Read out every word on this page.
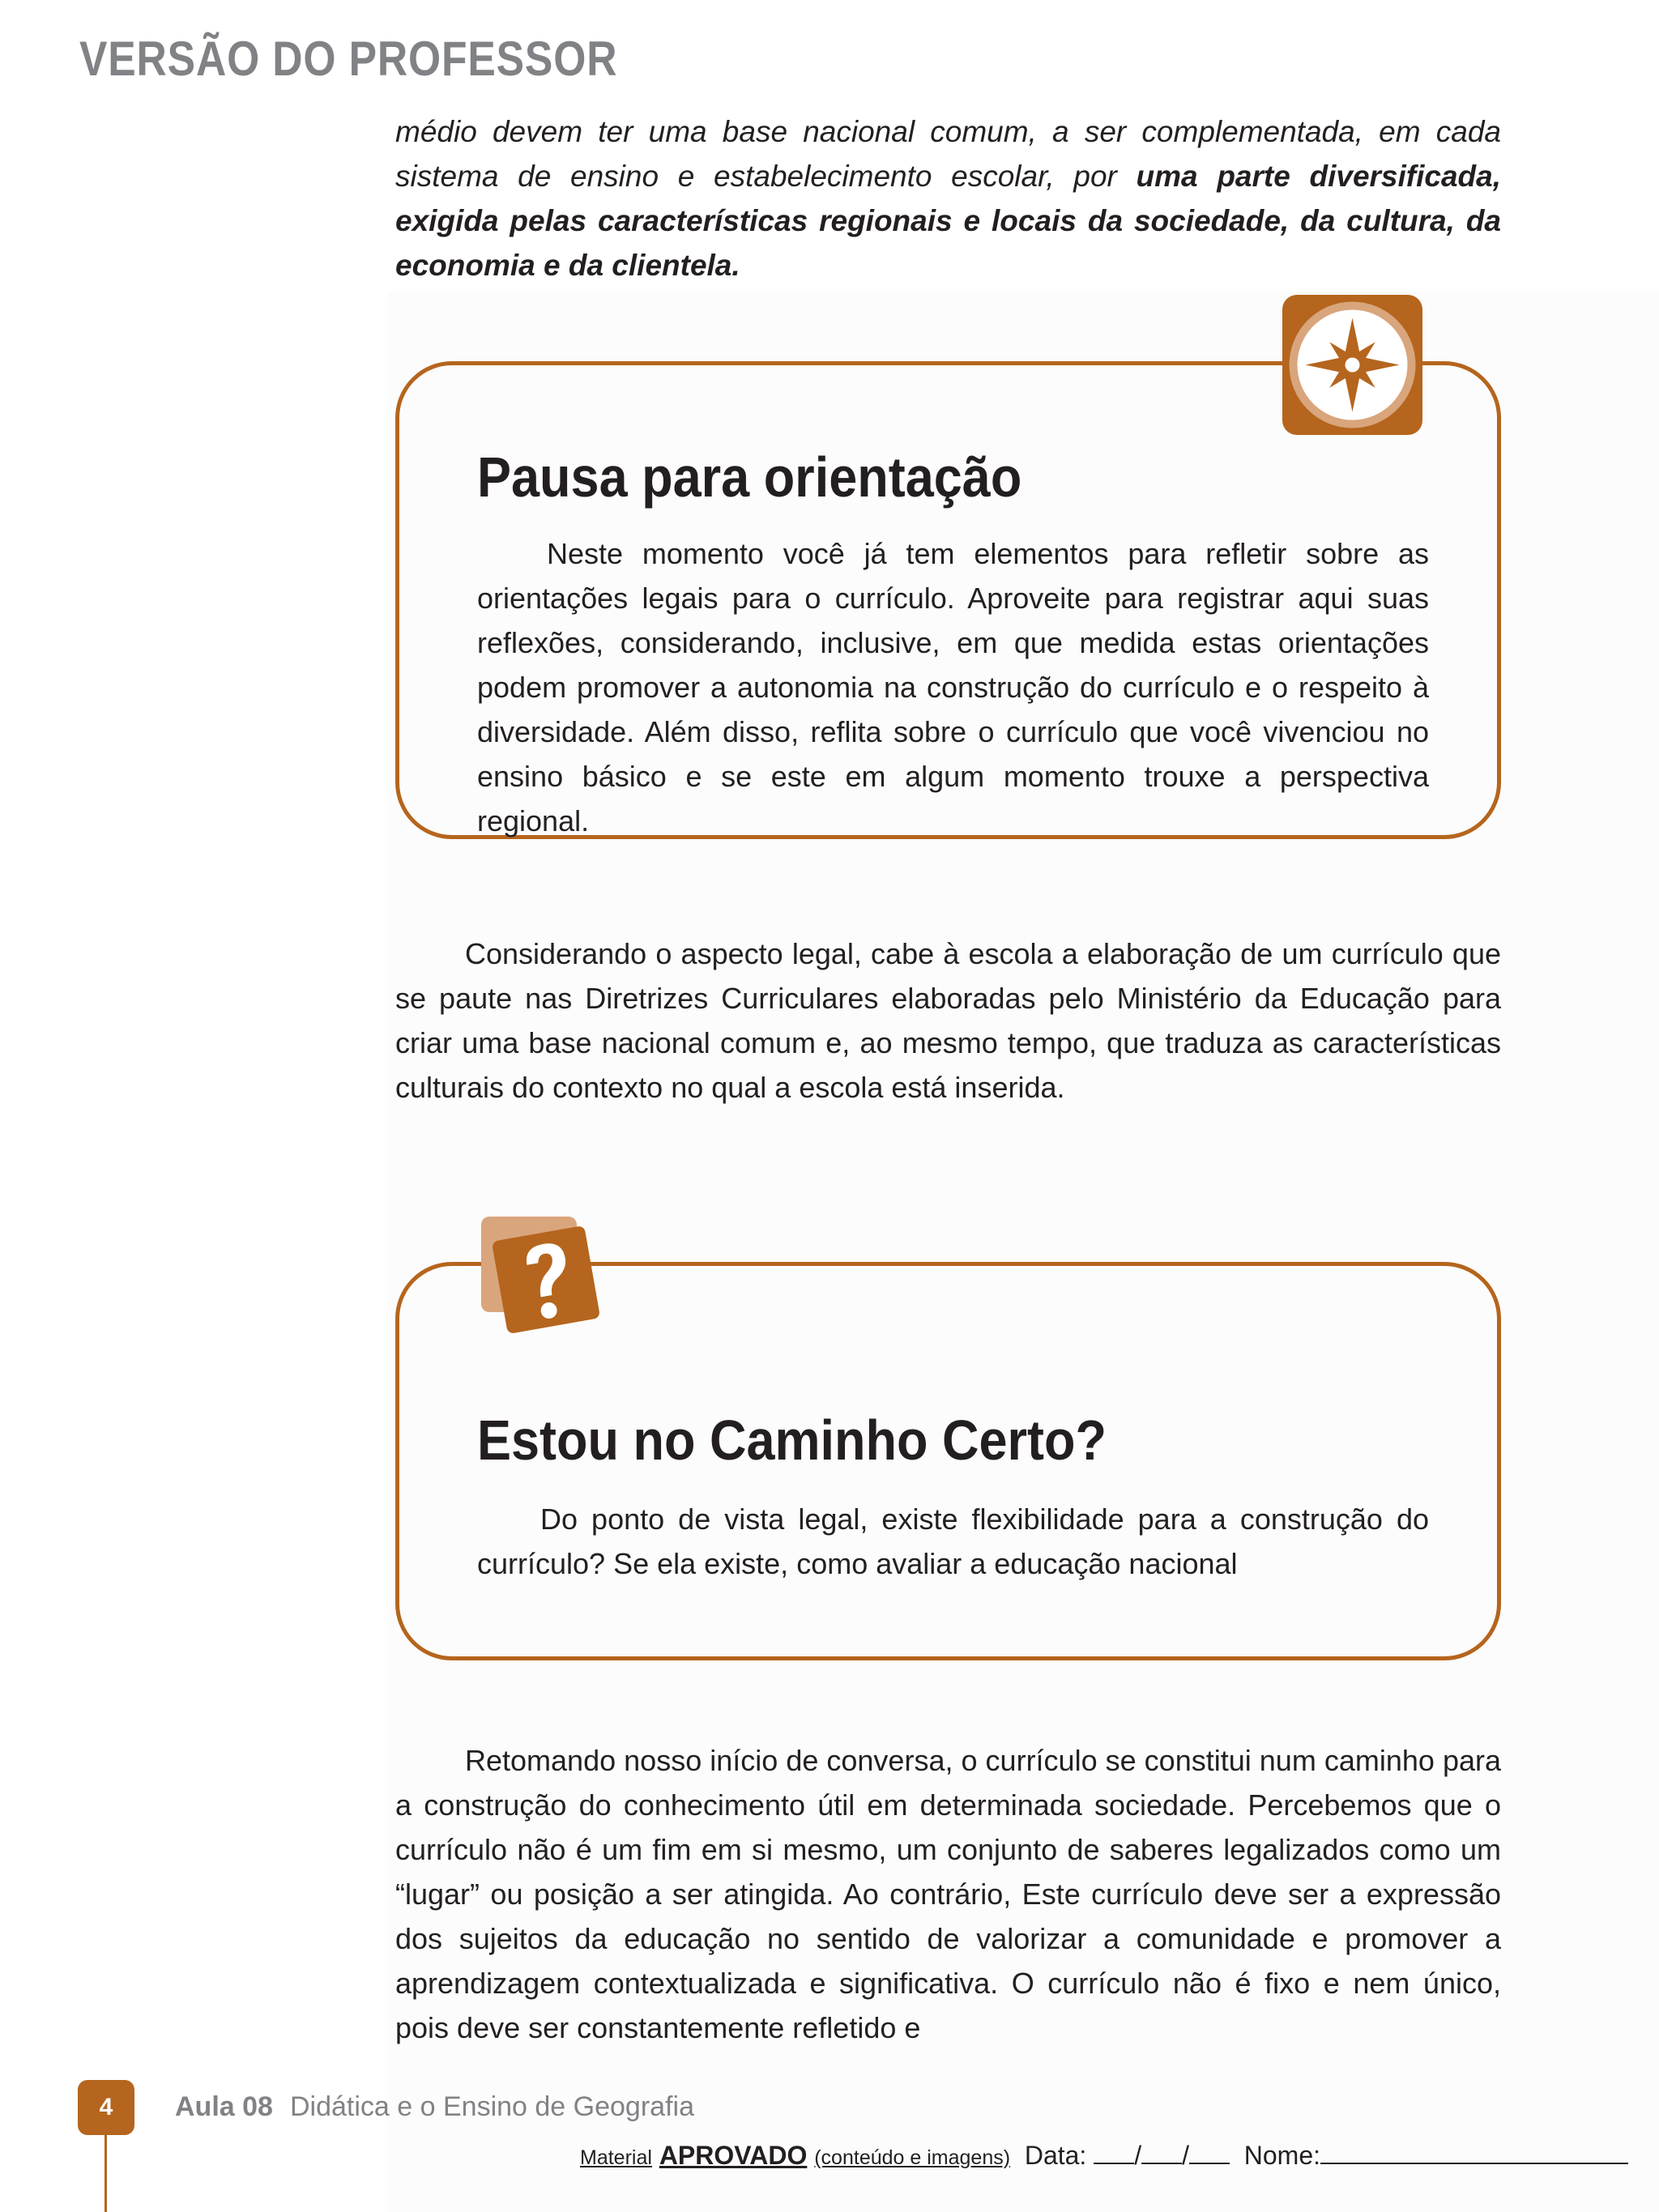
VERSÃO DO PROFESSOR
médio devem ter uma base nacional comum, a ser complementada, em cada sistema de ensino e estabelecimento escolar, por uma parte diversificada, exigida pelas características regionais e locais da sociedade, da cultura, da economia e da clientela.
Pausa para orientação
Neste momento você já tem elementos para refletir sobre as orientações legais para o currículo. Aproveite para registrar aqui suas reflexões, considerando, inclusive, em que medida estas orientações podem promover a autonomia na construção do currículo e o respeito à diversidade. Além disso, reflita sobre o currículo que você vivenciou no ensino básico e se este em algum momento trouxe a perspectiva regional.
Considerando o aspecto legal, cabe à escola a elaboração de um currículo que se paute nas Diretrizes Curriculares elaboradas pelo Ministério da Educação para criar uma base nacional comum e, ao mesmo tempo, que traduza as características culturais do contexto no qual a escola está inserida.
Estou no Caminho Certo?
Do ponto de vista legal, existe flexibilidade para a construção do currículo? Se ela existe, como avaliar a educação nacional
Retomando nosso início de conversa, o currículo se constitui num caminho para a construção do conhecimento útil em determinada sociedade. Percebemos que o currículo não é um fim em si mesmo, um conjunto de saberes legalizados como um “lugar” ou posição a ser atingida. Ao contrário, Este currículo deve ser a expressão dos sujeitos da educação no sentido de valorizar a comunidade e promover a aprendizagem contextualizada e significativa. O currículo não é fixo e nem único, pois deve ser constantemente refletido e
4	Aula 08 Didática e o Ensino de Geografia
Material APROVADO (conteúdo e imagens) Data: / / Nome:
